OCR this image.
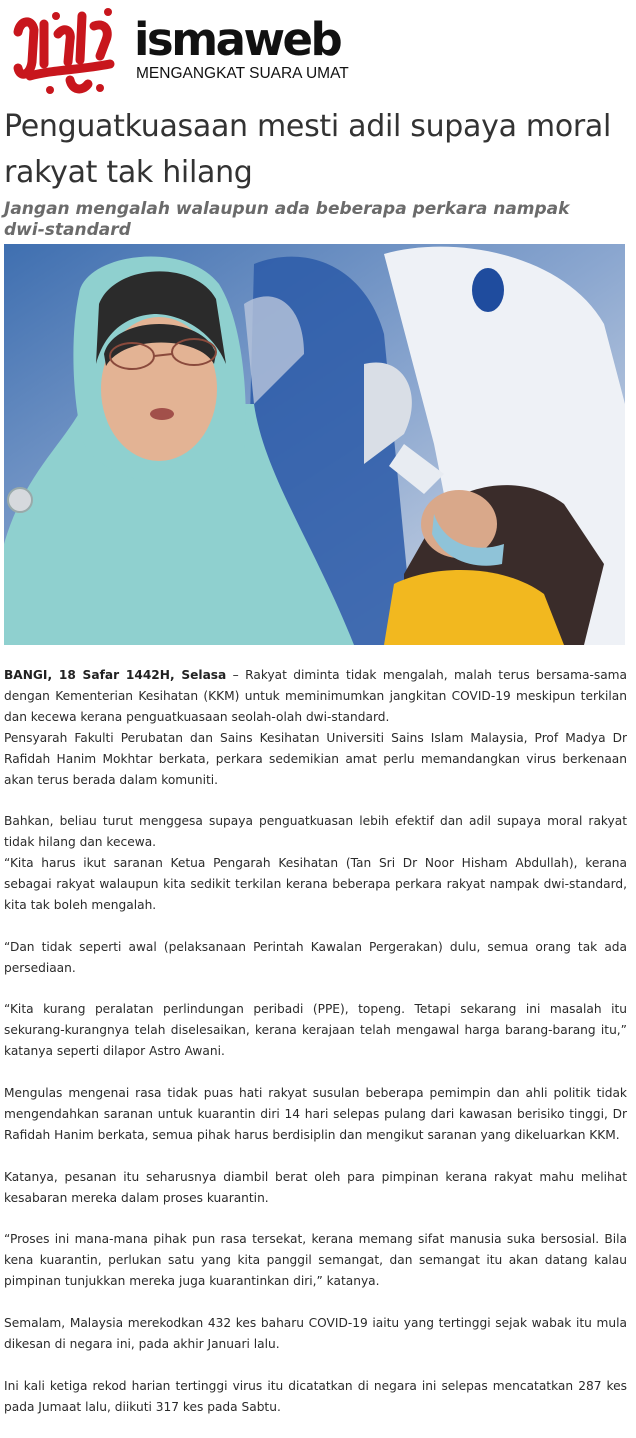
ismaweb
MENGANGKAT SUARA UMAT
Penguatkuasaan mesti adil supaya moral rakyat tak hilang
Jangan mengalah walaupun ada beberapa perkara nampak dwi-standard

BANGI, 18 Safar 1442H, Selasa – Rakyat diminta tidak mengalah, malah terus bersama-sama dengan Kementerian Kesihatan (KKM) untuk meminimumkan jangkitan COVID-19 meskipun terkilan dan kecewa kerana penguatkuasaan seolah-olah dwi-standard.

Pensyarah Fakulti Perubatan dan Sains Kesihatan Universiti Sains Islam Malaysia, Prof Madya Dr Rafidah Hanim Mokhtar berkata, perkara sedemikian amat perlu memandangkan virus berkenaan akan terus berada dalam komuniti.

Bahkan, beliau turut menggesa supaya penguatkuasan lebih efektif dan adil supaya moral rakyat tidak hilang dan kecewa.

“Kita harus ikut saranan Ketua Pengarah Kesihatan (Tan Sri Dr Noor Hisham Abdullah), kerana sebagai rakyat walaupun kita sedikit terkilan kerana beberapa perkara rakyat nampak dwi-standard, kita tak boleh mengalah.

“Dan tidak seperti awal (pelaksanaan Perintah Kawalan Pergerakan) dulu, semua orang tak ada persediaan.

“Kita kurang peralatan perlindungan peribadi (PPE), topeng. Tetapi sekarang ini masalah itu sekurang-kurangnya telah diselesaikan, kerana kerajaan telah mengawal harga barang-barang itu,” katanya seperti dilapor Astro Awani.

Mengulas mengenai rasa tidak puas hati rakyat susulan beberapa pemimpin dan ahli politik tidak mengendahkan saranan untuk kuarantin diri 14 hari selepas pulang dari kawasan berisiko tinggi, Dr Rafidah Hanim berkata, semua pihak harus berdisiplin dan mengikut saranan yang dikeluarkan KKM.

Katanya, pesanan itu seharusnya diambil berat oleh para pimpinan kerana rakyat mahu melihat kesabaran mereka dalam proses kuarantin.

“Proses ini mana-mana pihak pun rasa tersekat, kerana memang sifat manusia suka bersosial. Bila kena kuarantin, perlukan satu yang kita panggil semangat, dan semangat itu akan datang kalau pimpinan tunjukkan mereka juga kuarantinkan diri,” katanya.

Semalam, Malaysia merekodkan 432 kes baharu COVID-19 iaitu yang tertinggi sejak wabak itu mula dikesan di negara ini, pada akhir Januari lalu.

Ini kali ketiga rekod harian tertinggi virus itu dicatatkan di negara ini selepas mencatatkan 287 kes pada Jumaat lalu, diikuti 317 kes pada Sabtu.
